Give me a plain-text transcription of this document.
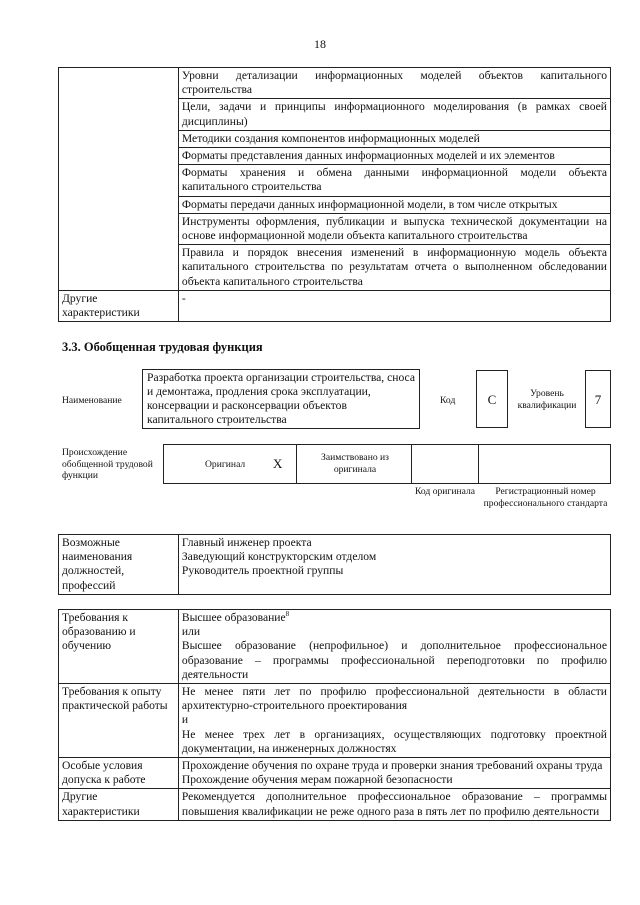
18
	Уровни детализации информационных моделей объектов капитального строительства
	Цели, задачи и принципы информационного моделирования (в рамках своей дисциплины)
	Методики создания компонентов информационных моделей
	Форматы представления данных информационных моделей и их элементов
	Форматы хранения и обмена данными информационной модели объекта капитального строительства
	Форматы передачи данных информационной модели, в том числе открытых
	Инструменты оформления, публикации и выпуска технической документации на основе информационной модели объекта капитального строительства
	Правила и порядок внесения изменений в информационную модель объекта капитального строительства по результатам отчета о выполненном обследовании объекта капитального строительства
Другие характеристики	-
3.3. Обобщенная трудовая функция
Наименование
Разработка проекта организации строительства, сноса и демонтажа, продления срока эксплуатации, консервации и расконсервации объектов капитального строительства
Код	C	Уровень квалификации	7
Происхождение обобщенной трудовой функции
Оригинал X	Заимствовано из оригинала
Код оригинала	Регистрационный номер профессионального стандарта
Возможные наименования должностей, профессий	
Главный инженер проекта
Заведующий конструкторским отделом
Руководитель проектной группы
Требования к образованию и обучению	Высшее образование$^8$
или
Высшее образование (непрофильное) и дополнительное профессиональное образование – программы профессиональной переподготовки по профилю деятельности

Требования к опыту практической работы	Не менее пяти лет по профилю профессиональной деятельности в области архитектурно-строительного проектирования
и
Не менее трех лет в организациях, осуществляющих подготовку проектной документации, на инженерных должностях

Особые условия допуска к работе	Прохождение обучения по охране труда и проверки знания требований охраны труда
Прохождение обучения мерам пожарной безопасности

Другие характеристики	Рекомендуется дополнительное профессиональное образование – программы повышения квалификации не реже одного раза в пять лет по профилю деятельности
